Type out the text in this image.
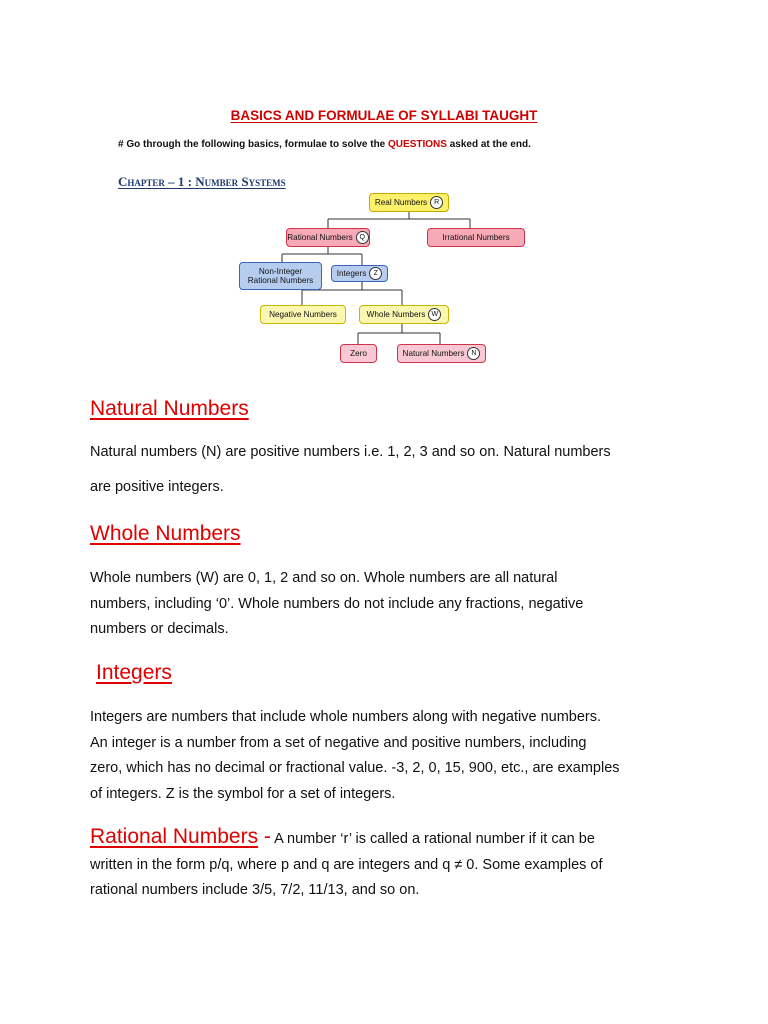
BASICS AND FORMULAE OF SYLLABI TAUGHT
# Go through the following basics, formulae to solve the QUESTIONS asked at the end.
Chapter – 1 : Number Systems
Real Numbers R
Rational Numbers Q	Irrational Numbers
Non-Integer
Rational Numbers
Integers	Z
Negative Numbers	Whole Numbers W
Zero	Natural Numbers N
Natural Numbers
Natural numbers (N) are positive numbers i.e. 1, 2, 3 and so on. Natural numbers
are positive integers.
Whole Numbers
Whole numbers (W) are 0, 1, 2 and so on. Whole numbers are all natural
numbers, including ‘0’. Whole numbers do not include any fractions, negative
numbers or decimals.
Integers
Integers are numbers that include whole numbers along with negative numbers.
An integer is a number from a set of negative and positive numbers, including
zero, which has no decimal or fractional value. -3, 2, 0, 15, 900, etc., are examples
of integers. Z is the symbol for a set of integers.
Rational Numbers - A number ‘r’ is called a rational number if it can be
written in the form p/q, where p and q are integers and q ≠ 0. Some examples of
rational numbers include 3/5, 7/2, 11/13, and so on.
